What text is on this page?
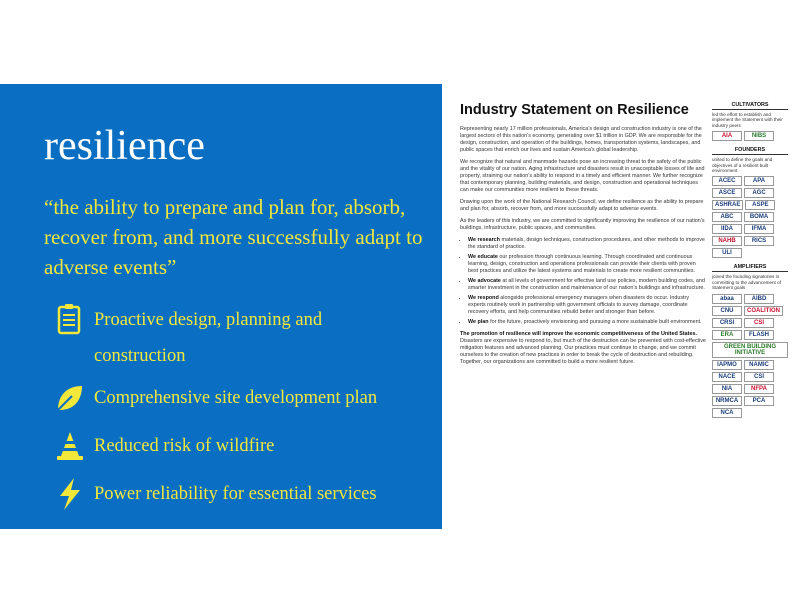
resilience
“the ability to prepare and plan for, absorb, recover from, and more successfully adapt to adverse events”
Proactive design, planning and construction
Comprehensive site development plan
Reduced risk of wildfire
Power reliability for essential services
Industry Statement on Resilience

Representing nearly 17 million professionals, America’s design and construction industry is one of the largest sectors of this nation’s economy, generating over $1 trillion in GDP. We are responsible for the design, construction, and operation of the buildings, homes, transportation systems, landscapes, and public spaces that enrich our lives and sustain America’s global leadership.

We recognize that natural and manmade hazards pose an increasing threat to the safety of the public and the vitality of our nation. Aging infrastructure and disasters result in unacceptable losses of life and property, straining our nation’s ability to respond in a timely and efficient manner. We further recognize that contemporary planning, building materials, and design, construction and operational techniques can make our communities more resilient to these threats.

Drawing upon the work of the National Research Council, we define resilience as the ability to prepare and plan for, absorb, recover from, and more successfully adapt to adverse events.

As the leaders of this industry, we are committed to significantly improving the resilience of our nation’s buildings, infrastructure, public spaces, and communities.

• We research materials, design techniques, construction procedures, and other methods to improve the standard of practice.
• We educate our profession through continuous learning. Through coordinated and continuous learning, design, construction and operations professionals can provide their clients with proven best practices and utilize the latest systems and materials to create more resilient communities.
• We advocate at all levels of government for effective land use policies, modern building codes, and smarter investment in the construction and maintenance of our nation’s buildings and infrastructure.
• We respond alongside professional emergency managers when disasters do occur. Industry experts routinely work in partnership with government officials to survey damage, coordinate recovery efforts, and help communities rebuild better and stronger than before.
• We plan for the future, proactively envisioning and pursuing a more sustainable built environment.

The promotion of resilience will improve the economic competitiveness of the United States. Disasters are expensive to respond to, but much of the destruction can be prevented with cost-effective mitigation features and advanced planning. Our practices must continue to change, and we commit ourselves to the creation of new practices in order to break the cycle of destruction and rebuilding. Together, our organizations are committed to build a more resilient future.

CULTIVATORS
led the effort to establish and implement the Statement with their industry peers
AIA	NIBS
FOUNDERS
united to define the goals and objectives of a resilient built environment
ACEC	APA
ASCE	AGC
ASHRAE	ASPE
ABC	BOMA
IIDA	IFMA
NAHB	RICS
ULI
AMPLIFIERS
joined the founding signatories in committing to the advancement of Statement goals
abaa	AIBD
CNU	COALITION
CRSI	CSI
ERA	FLASH
GREEN BUILDING INITIATIVE
IAPMO	NAMIC
NACE	CSI
NIA	NFPA
NRMCA	PCA
NCA
